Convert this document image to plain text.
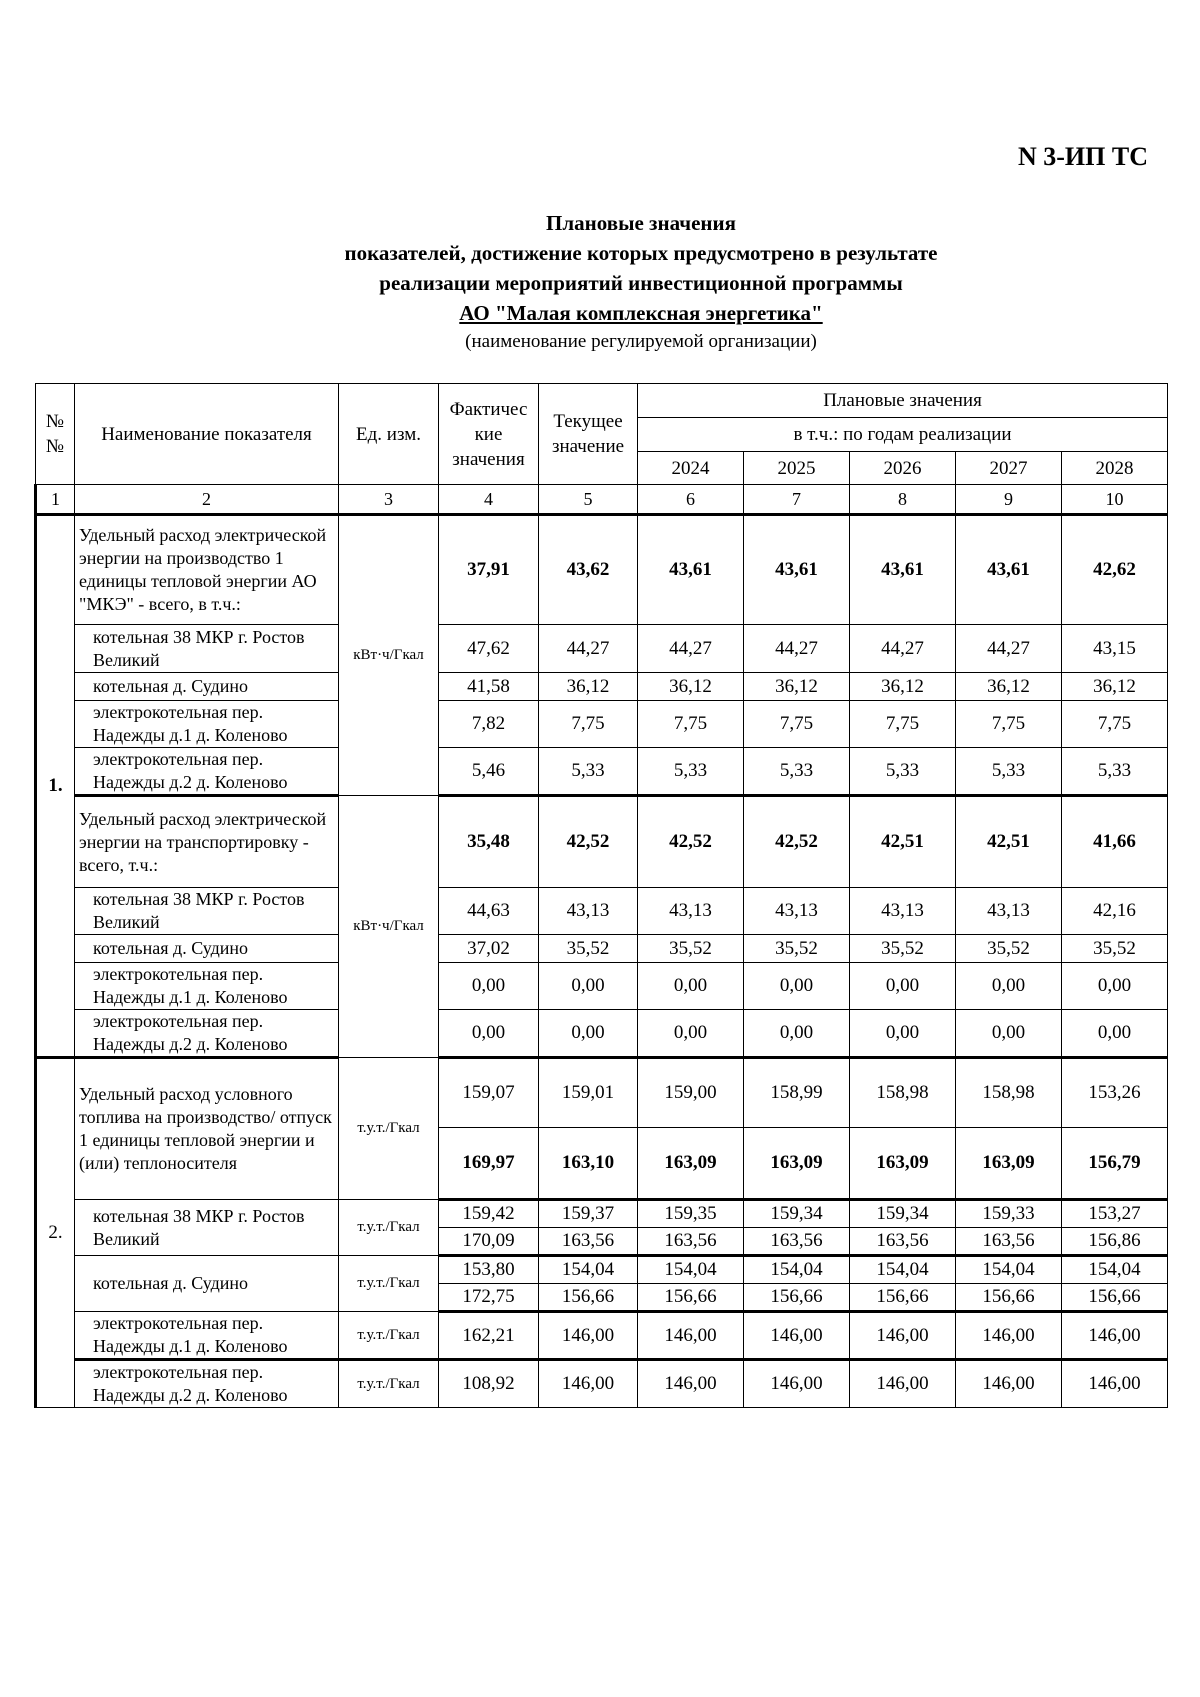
N 3-ИП ТС
Плановые значения
показателей, достижение которых предусмотрено в результате
реализации мероприятий инвестиционной программы
АО "Малая комплексная энергетика"
(наименование регулируемой организации)
№ №	Наименование показателя	Ед. изм.	Фактичес кие значения	Текущее значение	Плановые значения				
					в т.ч.: по годам реализации				
					2024	2025	2026	2027	2028
1	2	3	4	5	6	7	8	9	10
1.	Удельный расход электрической энергии на производство 1 единицы тепловой энергии АО "МКЭ" - всего, в т.ч.:	кВт·ч/Гкал	37,91	43,62	43,61	43,61	43,61	43,61	42,62
	котельная 38 МКР г. Ростов Великий		47,62	44,27	44,27	44,27	44,27	44,27	43,15
	котельная д. Судино		41,58	36,12	36,12	36,12	36,12	36,12	36,12
	электрокотельная пер. Надежды д.1 д. Коленово		7,82	7,75	7,75	7,75	7,75	7,75	7,75
	электрокотельная пер. Надежды д.2 д. Коленово		5,46	5,33	5,33	5,33	5,33	5,33	5,33
	Удельный расход электрической энергии на транспортировку - всего, т.ч.:	кВт·ч/Гкал	35,48	42,52	42,52	42,52	42,51	42,51	41,66
	котельная 38 МКР г. Ростов Великий		44,63	43,13	43,13	43,13	43,13	43,13	42,16
	котельная д. Судино		37,02	35,52	35,52	35,52	35,52	35,52	35,52
	электрокотельная пер. Надежды д.1 д. Коленово		0,00	0,00	0,00	0,00	0,00	0,00	0,00
	электрокотельная пер. Надежды д.2 д. Коленово		0,00	0,00	0,00	0,00	0,00	0,00	0,00
2.	Удельный расход условного топлива на производство/ отпуск 1 единицы тепловой энергии и (или) теплоносителя	т.у.т./Гкал	159,07	159,01	159,00	158,99	158,98	158,98	153,26
			169,97	163,10	163,09	163,09	163,09	163,09	156,79
	котельная 38 МКР г. Ростов Великий	т.у.т./Гкал	159,42	159,37	159,35	159,34	159,34	159,33	153,27
			170,09	163,56	163,56	163,56	163,56	163,56	156,86
	котельная д. Судино	т.у.т./Гкал	153,80	154,04	154,04	154,04	154,04	154,04	154,04
			172,75	156,66	156,66	156,66	156,66	156,66	156,66
	электрокотельная пер. Надежды д.1 д. Коленово	т.у.т./Гкал	162,21	146,00	146,00	146,00	146,00	146,00	146,00
	электрокотельная пер. Надежды д.2 д. Коленово	т.у.т./Гкал	108,92	146,00	146,00	146,00	146,00	146,00	146,00
